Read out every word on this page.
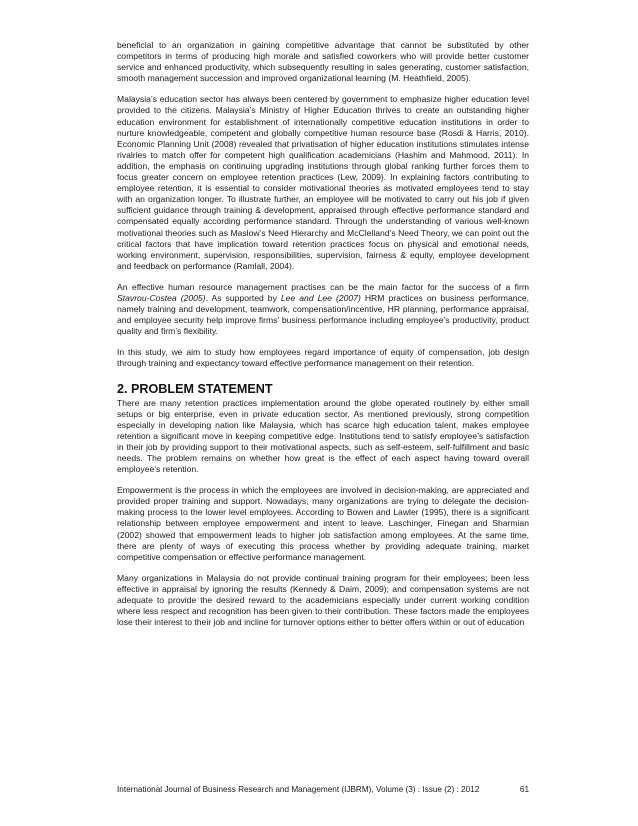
beneficial to an organization in gaining competitive advantage that cannot be substituted by other competitors in terms of producing high morale and satisfied coworkers who will provide better customer service and enhanced productivity, which subsequently resulting in sales generating, customer satisfaction, smooth management succession and improved organizational learning (M. Heathfield, 2005).

Malaysia’s education sector has always been centered by government to emphasize higher education level provided to the citizens. Malaysia’s Ministry of Higher Education thrives to create an outstanding higher education environment for establishment of internationally competitive education institutions in order to nurture knowledgeable, competent and globally competitive human resource base (Rosdi & Harris, 2010). Economic Planning Unit (2008) revealed that privatisation of higher education institutions stimulates intense rivalries to match offer for competent high qualification academicians (Hashim and Mahmood, 2011). In addition, the emphasis on continuing upgrading institutions through global ranking further forces them to focus greater concern on employee retention practices (Lew, 2009). In explaining factors contributing to employee retention, it is essential to consider motivational theories as motivated employees tend to stay with an organization longer. To illustrate further, an employee will be motivated to carry out his job if given sufficient guidance through training & development, appraised through effective performance standard and compensated equally according performance standard. Through the understanding of various well-known motivational theories such as Maslow’s Need Hierarchy and McClelland’s Need Theory, we can point out the critical factors that have implication toward retention practices focus on physical and emotional needs, working environment, supervision, responsibilities, supervision, fairness & equity, employee development and feedback on performance (Ramlall, 2004).

An effective human resource management practises can be the main factor for the success of a firm Stavrou-Costea (2005). As supported by Lee and Lee (2007) HRM practices on business performance, namely training and development, teamwork, compensation/incentive, HR planning, performance appraisal, and employee security help improve firms’ business performance including employee’s productivity, product quality and firm’s flexibility.

In this study, we aim to study how employees regard importance of equity of compensation, job design through training and expectancy toward effective performance management on their retention.

2. PROBLEM STATEMENT

There are many retention practices implementation around the globe operated routinely by either small setups or big enterprise, even in private education sector. As mentioned previously, strong competition especially in developing nation like Malaysia, which has scarce high education talent, makes employee retention a significant move in keeping competitive edge. Institutions tend to satisfy employee’s satisfaction in their job by providing support to their motivational aspects, such as self-esteem, self-fulfillment and basic needs. The problem remains on whether how great is the effect of each aspect having toward overall employee’s retention.

Empowerment is the process in which the employees are involved in decision-making, are appreciated and provided proper training and support. Nowadays, many organizations are trying to delegate the decision-making process to the lower level employees. According to Bowen and Lawler (1995), there is a significant relationship between employee empowerment and intent to leave. Laschinger, Finegan and Sharmian (2002) showed that empowerment leads to higher job satisfaction among employees. At the same time, there are plenty of ways of executing this process whether by providing adequate training, market competitive compensation or effective performance management.

Many organizations in Malaysia do not provide continual training program for their employees; been less effective in appraisal by ignoring the results (Kennedy & Daim, 2009); and compensation systems are not adequate to provide the desired reward to the academicians especially under current working condition where less respect and recognition has been given to their contribution. These factors made the employees lose their interest to their job and incline for turnover options either to better offers within or out of education

International Journal of Business Research and Management (IJBRM), Volume (3) : Issue (2) : 2012	61
